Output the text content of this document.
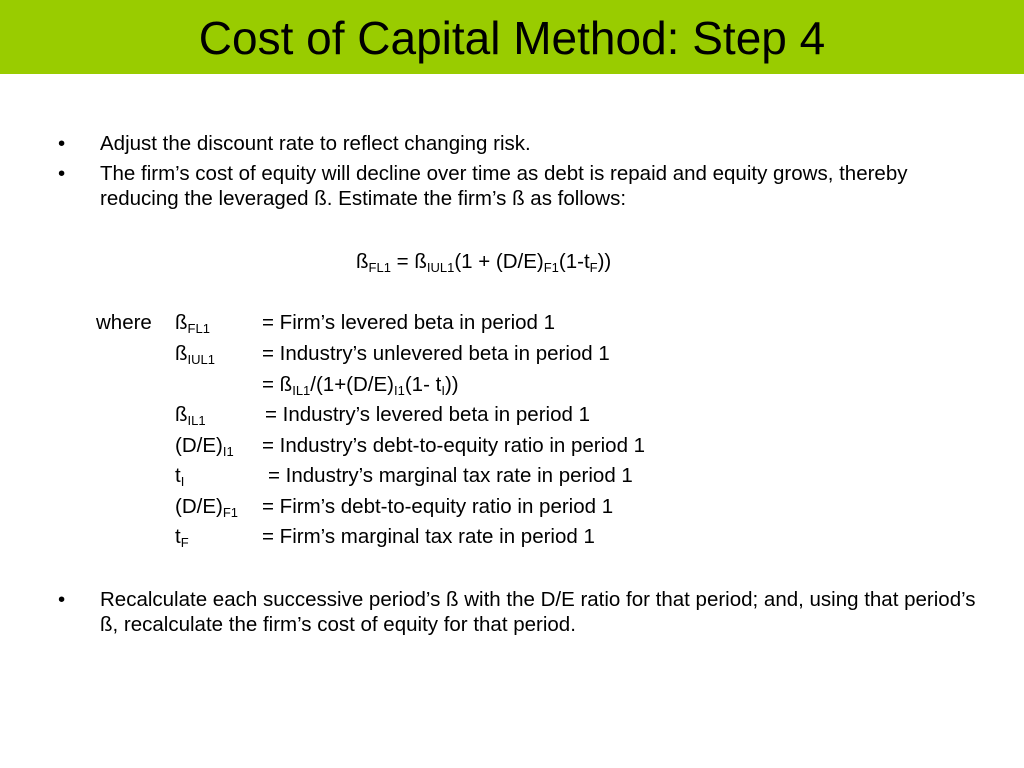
Cost of Capital Method: Step 4
• Adjust the discount rate to reflect changing risk.
• The firm’s cost of equity will decline over time as debt is repaid and equity grows, thereby reducing the leveraged ß. Estimate the firm’s ß as follows:
$ß_{FL1}$ = $ß_{IUL1}(1 + (D/E)_{F1}(1-t_F))$
where $ß_{FL1}$	= Firm’s levered beta in period 1
$ß_{IUL1}$ = Industry’s unlevered beta in period 1
= $ß_{IL1}/(1+(D/E)_{I1}(1-$ $t_I$))
$ß_{IL1}$	= Industry’s levered beta in period 1
$(D/E)_{I1}$ = Industry’s debt-to-equity ratio in period 1
$t_I$	= Industry’s marginal tax rate in period 1
$(D/E)_{F1}$ = Firm’s debt-to-equity ratio in period 1
$t_F$	= Firm’s marginal tax rate in period 1
• Recalculate each successive period’s ß with the D/E ratio for that period; and, using that period’s ß, recalculate the firm’s cost of equity for that period.
